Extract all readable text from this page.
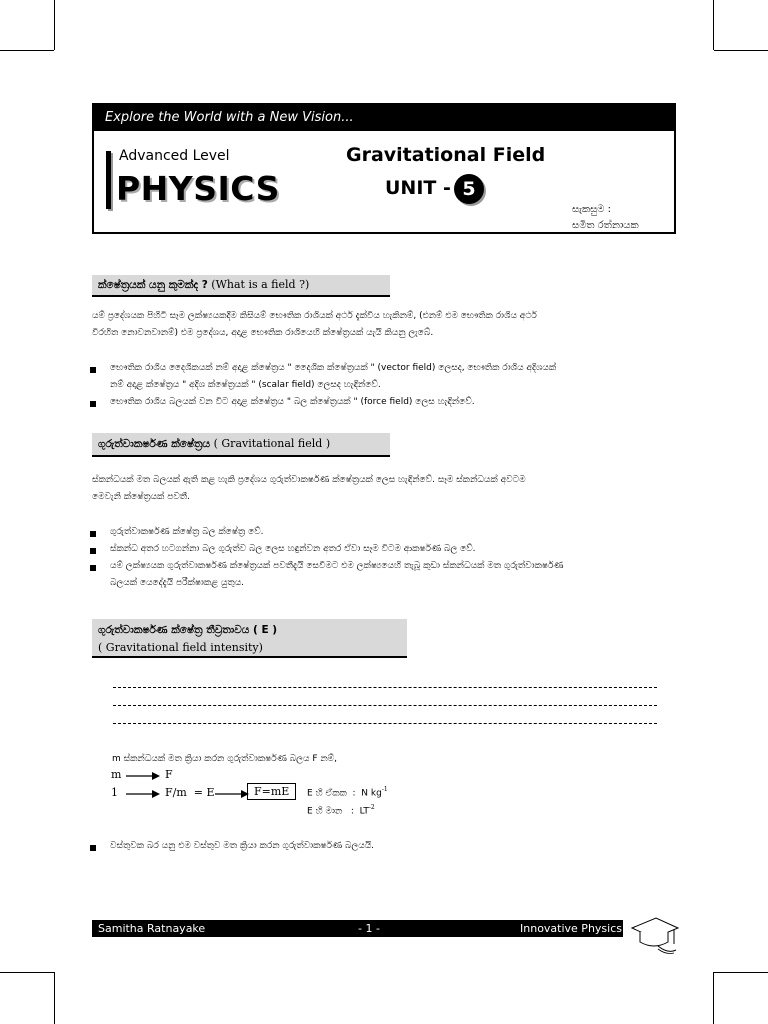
Explore the World with a New Vision...
Advanced Level
PHYSICS
Gravitational Field
UNIT - 5
සැකසුම :
සමිත රත්නායක
ක්ෂේත්‍රයක් යනු කුමක්ද ? (What is a field ?)
යම් ප්‍රදේශයක පිහිටි සෑම ලක්ෂ්‍යයකදීම කිසියම් භෞතික රාශියක් අර්ථ දැක්විය හැකිනම්, (එනම් එම භෞතික රාශිය අර්ථ
විරහිත නොවනවානම්) එම ප්‍රදේශය, අදාළ භෞතික රාශියෙහි ක්ෂේත්‍රයක් යැයි කියනු ලැබේ.
භෞතික රාශිය දෛශිකයක් නම් අදාළ ක්ෂේත්‍රය " දෛශික ක්ෂේත්‍රයක් " (vector field) ලෙසද, භෞතික රාශිය අදිශයක්
නම් අදාළ ක්ෂේත්‍රය " අදිශ ක්ෂේත්‍රයක් " (scalar field) ලෙසද හැඳින්වේ.
භෞතික රාශිය බලයක් වන විට අදාළ ක්ෂේත්‍රය " බල ක්ෂේත්‍රයක් " (force field) ලෙස හැඳින්වේ.
ගුරුත්වාකර්ෂණ ක්ෂේත්‍රය ( Gravitational field )
ස්කන්ධයක් මත බලයක් ඇති කළ හැකි ප්‍රදේශය ගුරුත්වාකර්ෂණ ක්ෂේත්‍රයක් ලෙස හැඳින්වේ. සෑම ස්කන්ධයක් අවටම
මෙවැනි ක්ෂේත්‍රයක් පවතී.
ගුරුත්වාකර්ෂණ ක්ෂේත්‍ර බල ක්ෂේත්‍ර වේ.
ස්කන්ධ අතර හටගන්නා බල ගුරුත්ව බල ලෙස හඳුන්වන අතර ඒවා සෑම විටම ආකර්ෂණ බල වේ.
යම් ලක්ෂ්‍යයක ගුරුත්වාකර්ෂණ ක්ෂේත්‍රයක් පවතීදැයි සෙවීමට එම ලක්ෂ්‍යයෙහි තැබූ කුඩා ස්කන්ධයක් මත ගුරුත්වාකර්ෂණ
බලයක් යෙදේදැයි පරීක්ෂාකළ යුතුය.
ගුරුත්වාකර්ෂණ ක්ෂේත්‍ර තීව්‍රතාවය ( E )
( Gravitational field intensity)
m ස්කන්ධයක් මත ක්‍රියා කරන ගුරුත්වාකර්ෂණ බලය F නම්,
m	F
1	F/m  = E	F=mE	E හි ඒකක  :  N $kg^{-1}$
E හි මාන   :  $LT^{-2}$
වස්තුවක බර යනු එම වස්තුව මත ක්‍රියා කරන ගුරුත්වාකර්ෂණ බලයයි.
Samitha Ratnayake	- 1 -	Innovative Physics
